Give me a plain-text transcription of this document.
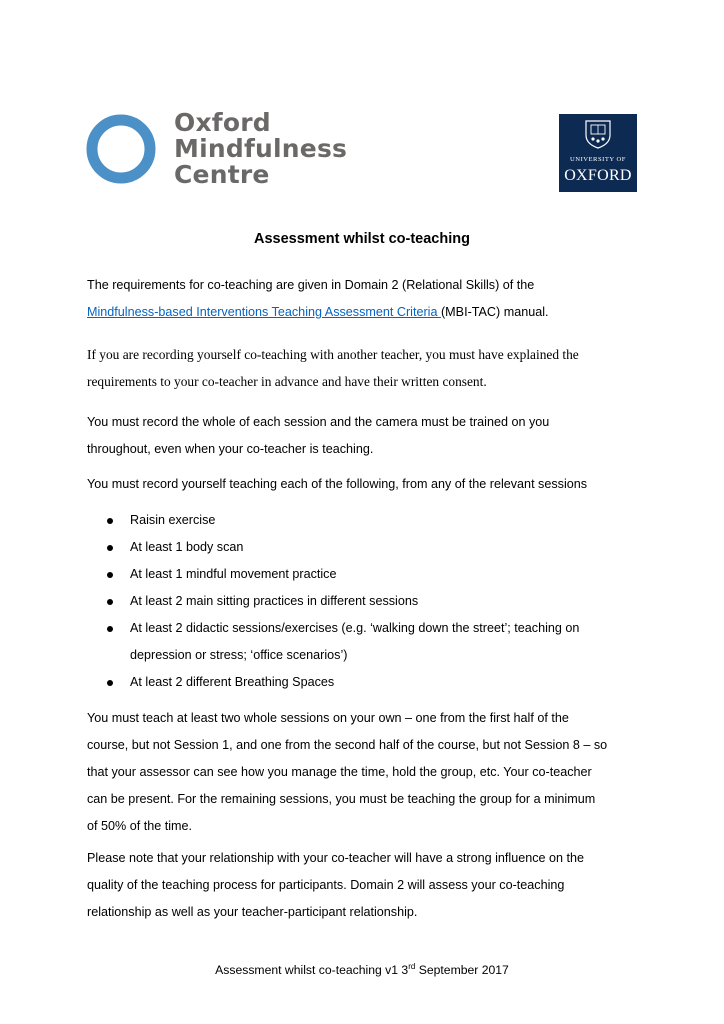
Oxford
Mindfulness
Centre
UNIVERSITY OF
OXFORD
Assessment whilst co-teaching
The requirements for co-teaching are given in Domain 2 (Relational Skills) of the
Mindfulness-based Interventions Teaching Assessment Criteria (MBI-TAC) manual.
If you are recording yourself co-teaching with another teacher, you must have explained the
requirements to your co-teacher in advance and have their written consent.
You must record the whole of each session and the camera must be trained on you
throughout, even when your co-teacher is teaching.
You must record yourself teaching each of the following, from any of the relevant sessions
Raisin exercise
At least 1 body scan
At least 1 mindful movement practice
At least 2 main sitting practices in different sessions
At least 2 didactic sessions/exercises (e.g. ‘walking down the street’; teaching on
depression or stress; ‘office scenarios’)
At least 2 different Breathing Spaces
You must teach at least two whole sessions on your own – one from the first half of the
course, but not Session 1, and one from the second half of the course, but not Session 8 – so
that your assessor can see how you manage the time, hold the group, etc. Your co-teacher
can be present. For the remaining sessions, you must be teaching the group for a minimum
of 50% of the time.
Please note that your relationship with your co-teacher will have a strong influence on the
quality of the teaching process for participants. Domain 2 will assess your co-teaching
relationship as well as your teacher-participant relationship.
Assessment whilst co-teaching v1 3rd September 2017
